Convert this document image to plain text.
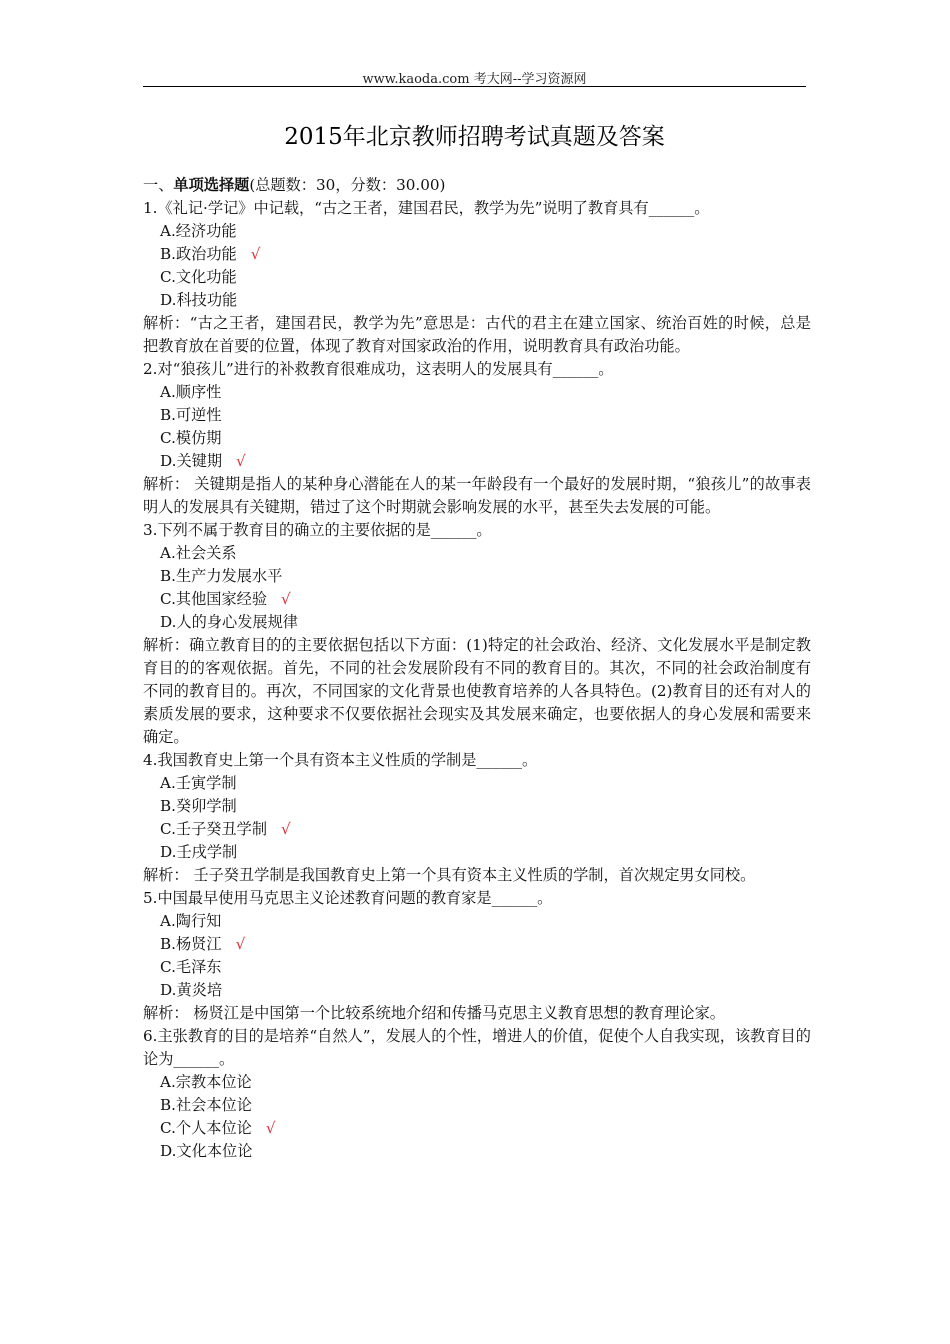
www.kaoda.com 考大网--学习资源网
2015年北京教师招聘考试真题及答案
一、单项选择题(总题数：30，分数：30.00)

1.《礼记·学记》中记载，“古之王者，建国君民，教学为先”说明了教育具有______。

A.经济功能
B.政治功能 √
C.文化功能
D.科技功能

解析：“古之王者，建国君民，教学为先”意思是：古代的君主在建立国家、统治百姓的时候，总是把教育放在首要的位置，体现了教育对国家政治的作用，说明教育具有政治功能。

2.对“狼孩儿”进行的补救教育很难成功，这表明人的发展具有______。

A.顺序性
B.可逆性
C.模仿期
D.关键期 √

解析： 关键期是指人的某种身心潜能在人的某一年龄段有一个最好的发展时期，“狼孩儿”的故事表明人的发展具有关键期，错过了这个时期就会影响发展的水平，甚至失去发展的可能。

3.下列不属于教育目的确立的主要依据的是______。

A.社会关系
B.生产力发展水平
C.其他国家经验 √
D.人的身心发展规律

解析：确立教育目的的主要依据包括以下方面：(1)特定的社会政治、经济、文化发展水平是制定教育目的的客观依据。首先，不同的社会发展阶段有不同的教育目的。其次，不同的社会政治制度有不同的教育目的。再次，不同国家的文化背景也使教育培养的人各具特色。(2)教育目的还有对人的素质发展的要求，这种要求不仅要依据社会现实及其发展来确定，也要依据人的身心发展和需要来确定。

4.我国教育史上第一个具有资本主义性质的学制是______。

A.壬寅学制
B.癸卯学制
C.壬子癸丑学制 √
D.壬戌学制

解析： 壬子癸丑学制是我国教育史上第一个具有资本主义性质的学制，首次规定男女同校。

5.中国最早使用马克思主义论述教育问题的教育家是______。

A.陶行知
B.杨贤江 √
C.毛泽东
D.黄炎培

解析： 杨贤江是中国第一个比较系统地介绍和传播马克思主义教育思想的教育理论家。

6.主张教育的目的是培养“自然人”，发展人的个性，增进人的价值，促使个人自我实现，该教育目的论为______。

A.宗教本位论
B.社会本位论
C.个人本位论 √
D.文化本位论
